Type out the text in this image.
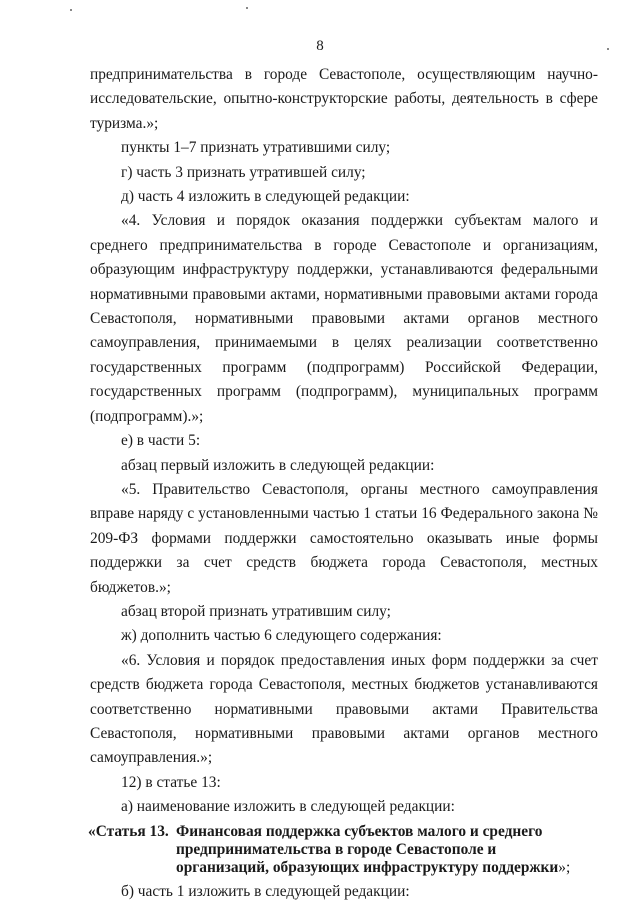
8

предпринимательства в городе Севастополе, осуществляющим научно-исследовательские, опытно-конструкторские работы, деятельность в сфере туризма.»;

пункты 1–7 признать утратившими силу;

г) часть 3 признать утратившей силу;

д) часть 4 изложить в следующей редакции:

«4. Условия и порядок оказания поддержки субъектам малого и среднего предпринимательства в городе Севастополе и организациям, образующим инфраструктуру поддержки, устанавливаются федеральными нормативными правовыми актами, нормативными правовыми актами города Севастополя, нормативными правовыми актами органов местного самоуправления, принимаемыми в целях реализации соответственно государственных программ (подпрограмм) Российской Федерации, государственных программ (подпрограмм), муниципальных программ (подпрограмм).»;

е) в части 5:

абзац первый изложить в следующей редакции:

«5. Правительство Севастополя, органы местного самоуправления вправе наряду с установленными частью 1 статьи 16 Федерального закона № 209-ФЗ формами поддержки самостоятельно оказывать иные формы поддержки за счет средств бюджета города Севастополя, местных бюджетов.»;

абзац второй признать утратившим силу;

ж) дополнить частью 6 следующего содержания:

«6. Условия и порядок предоставления иных форм поддержки за счет средств бюджета города Севастополя, местных бюджетов устанавливаются соответственно нормативными правовыми актами Правительства Севастополя, нормативными правовыми актами органов местного самоуправления.»;

12) в статье 13:

а) наименование изложить в следующей редакции:

«Статья 13. Финансовая поддержка субъектов малого и среднего предпринимательства в городе Севастополе и организаций, образующих инфраструктуру поддержки»;

б) часть 1 изложить в следующей редакции:
